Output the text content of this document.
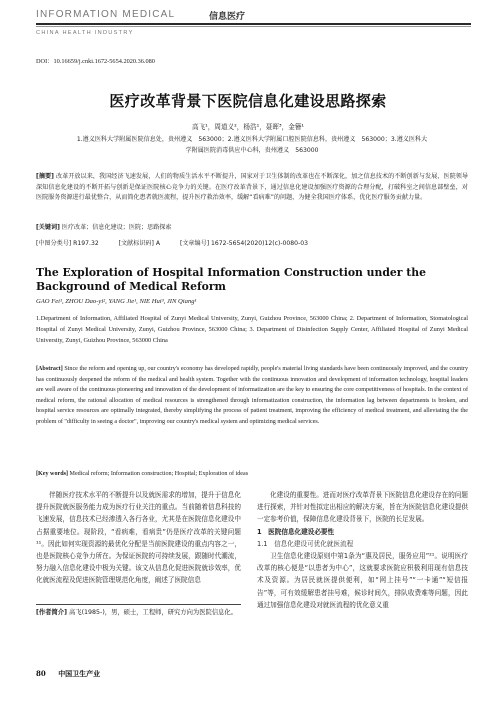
INFORMATION MEDICAL	信息医疗
CHINA HEALTH INDUSTRY
DOI：10.16659/j.cnki.1672-5654.2020.36.080
医疗改革背景下医院信息化建设思路探索
高飞¹，周道义²，杨浩¹，聂晖³，金簪¹
1.遵义医科大学附属医院信息处，贵州遵义　563000；2.遵义医科大学附属口腔医院信息科，贵州遵义　563000；3.遵义医科大
学附属医院消毒供应中心科，贵州遵义　563000
[摘要] 改革开放以来，我国经济飞速发展，人们的物质生活水平不断提升，国家对于卫生体制的改革也在不断深化，加之信息技术的不断创新与发展，医院领导深知信息化建设的不断开拓与创新是保证医院核心竞争力的关键。在医疗改革背景下，通过信息化建设加强医疗资源的合理分配，打破科室之间信息部壁垒，对医院服务资源进行最优整合，从而简化患者就医流程，提升医疗救治效率，缓解“看病难”的问题，为健全我国医疗体系，优化医疗服务贡献力量。
[关键词] 医疗改革；信息化建设；医院；思路探索
[中图分类号] R197.32	[文献标识码] A	[文章编号] 1672-5654(2020)12(c)-0080-03
The Exploration of Hospital Information Construction under the Background of Medical Reform
GAO Fei¹, ZHOU Dao-yi², YANG Jie¹, NIE Hui³, JIN Qiang¹
1.Department of Information, Affiliated Hospital of Zunyi Medical University, Zunyi, Guizhou Province, 563000 China; 2. Department of Information, Stomatological Hospital of Zunyi Medical University, Zunyi, Guizhou Province, 563000 China; 3. Department of Disinfection Supply Center, Affiliated Hospital of Zunyi Medical University, Zunyi, Guizhou Province, 563000 China
[Abstract] Since the reform and opening up, our country's economy has developed rapidly, people's material living standards have been continuously improved, and the country has continuously deepened the reform of the medical and health system. Together with the continuous innovation and development of information technology, hospital leaders are well aware of the continuous pioneering and innovation of the development of informatization are the key to ensuring the core competitiveness of hospitals. In the context of medical reform, the rational allocation of medical resources is strengthened through informatization construction, the information lag between departments is broken, and hospital service resources are optimally integrated, thereby simplifying the process of patient treatment, improving the efficiency of medical treatment, and alleviating the the problem of "difficulty in seeing a doctor", improving our country's medical system and optimizing medical services.
[Key words] Medical reform; Information construction; Hospital; Exploration of ideas
伴随医疗技术水平的不断提升以及就医需求的增加，提升于信息化提升医院就医服务能力成为医疗行业关注的重点。当前随着信息科技的飞速发展，信息技术已经渗透入各行各业，尤其是在医院信息化建设中占据重要地位。现阶段，“看病难，看病贵”仍是医疗改革的关键问题¹¹。因此如何实现资源的最优化分配是当前医院建设的重点内容之一，也是医院核心竞争力所在。为保证医院的可持续发展，跟随时代潮流，努力融入信息化建设中极为关键。该文从信息化促进医院就诊效率，优化就医流程及促进医院管理规范化角度，阐述了医院信息
[作者简介] 高飞(1985-)，男，硕士，工程师，研究方向为医院信息化。
化建设的重要性。进而对医疗改革背景下医院信息化建设存在的问题进行探索，并针对性拟定出相应的解决方案，旨在为医院信息化建设提供一定参考价值，保障信息化建设背景下，医院的长足发展。
1　医院信息化建设必要性
1.1　信息化建设可优化就医流程
卫生信息化建设原则中第1条为“惠及居民，服务应用”²¹。说明医疗改革的核心便是“以患者为中心”，这就要求医院应积极利用现有信息技术及资源。为居民就医提供便利，如“网上挂号”“一卡通”“短信报告”等，可有效缓解患者挂号难，候诊时间久，排队收费难等问题，因此通过加强信息化建设对就医流程的优化意义重
80 中国卫生产业
